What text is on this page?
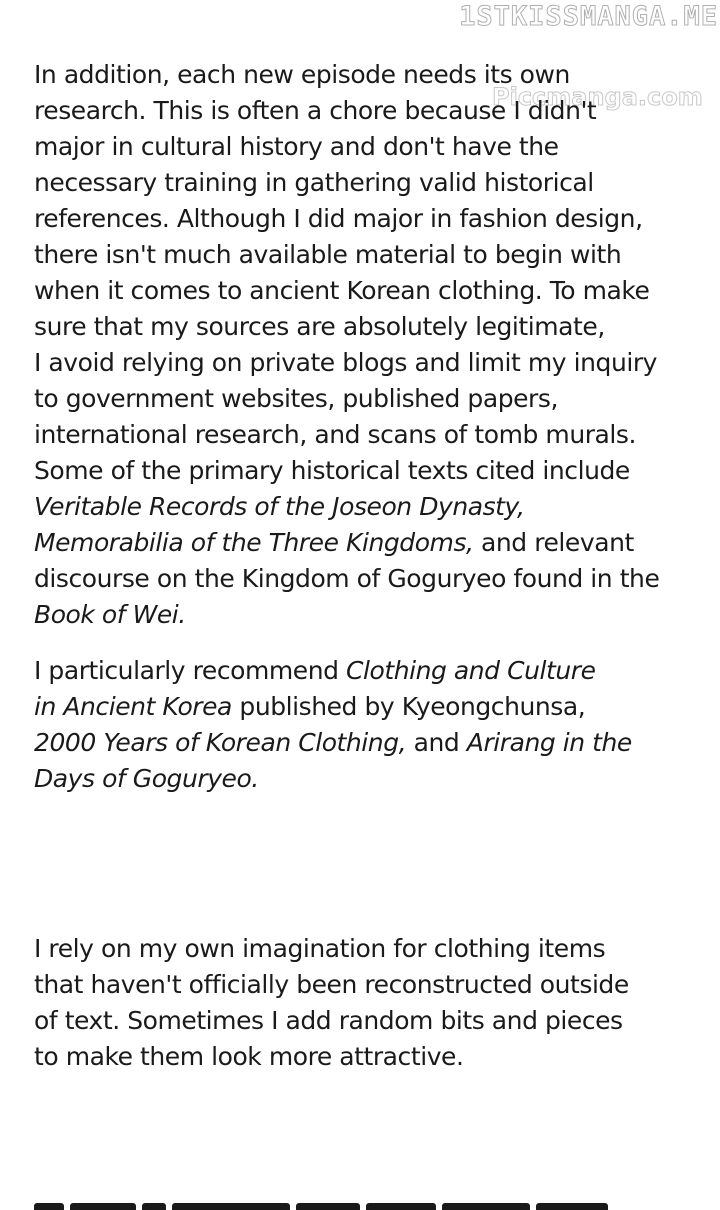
1STKISSMANGA.ME
Piccmanga.com
In addition, each new episode needs its own
research. This is often a chore because I didn't
major in cultural history and don't have the
necessary training in gathering valid historical
references. Although I did major in fashion design,
there isn't much available material to begin with
when it comes to ancient Korean clothing. To make
sure that my sources are absolutely legitimate,
I avoid relying on private blogs and limit my inquiry
to government websites, published papers,
international research, and scans of tomb murals.
Some of the primary historical texts cited include
Veritable Records of the Joseon Dynasty,
Memorabilia of the Three Kingdoms, and relevant
discourse on the Kingdom of Goguryeo found in the
Book of Wei.
I particularly recommend Clothing and Culture
in Ancient Korea published by Kyeongchunsa,
2000 Years of Korean Clothing, and Arirang in the
Days of Goguryeo.
I rely on my own imagination for clothing items
that haven't officially been reconstructed outside
of text. Sometimes I add random bits and pieces
to make them look more attractive.
